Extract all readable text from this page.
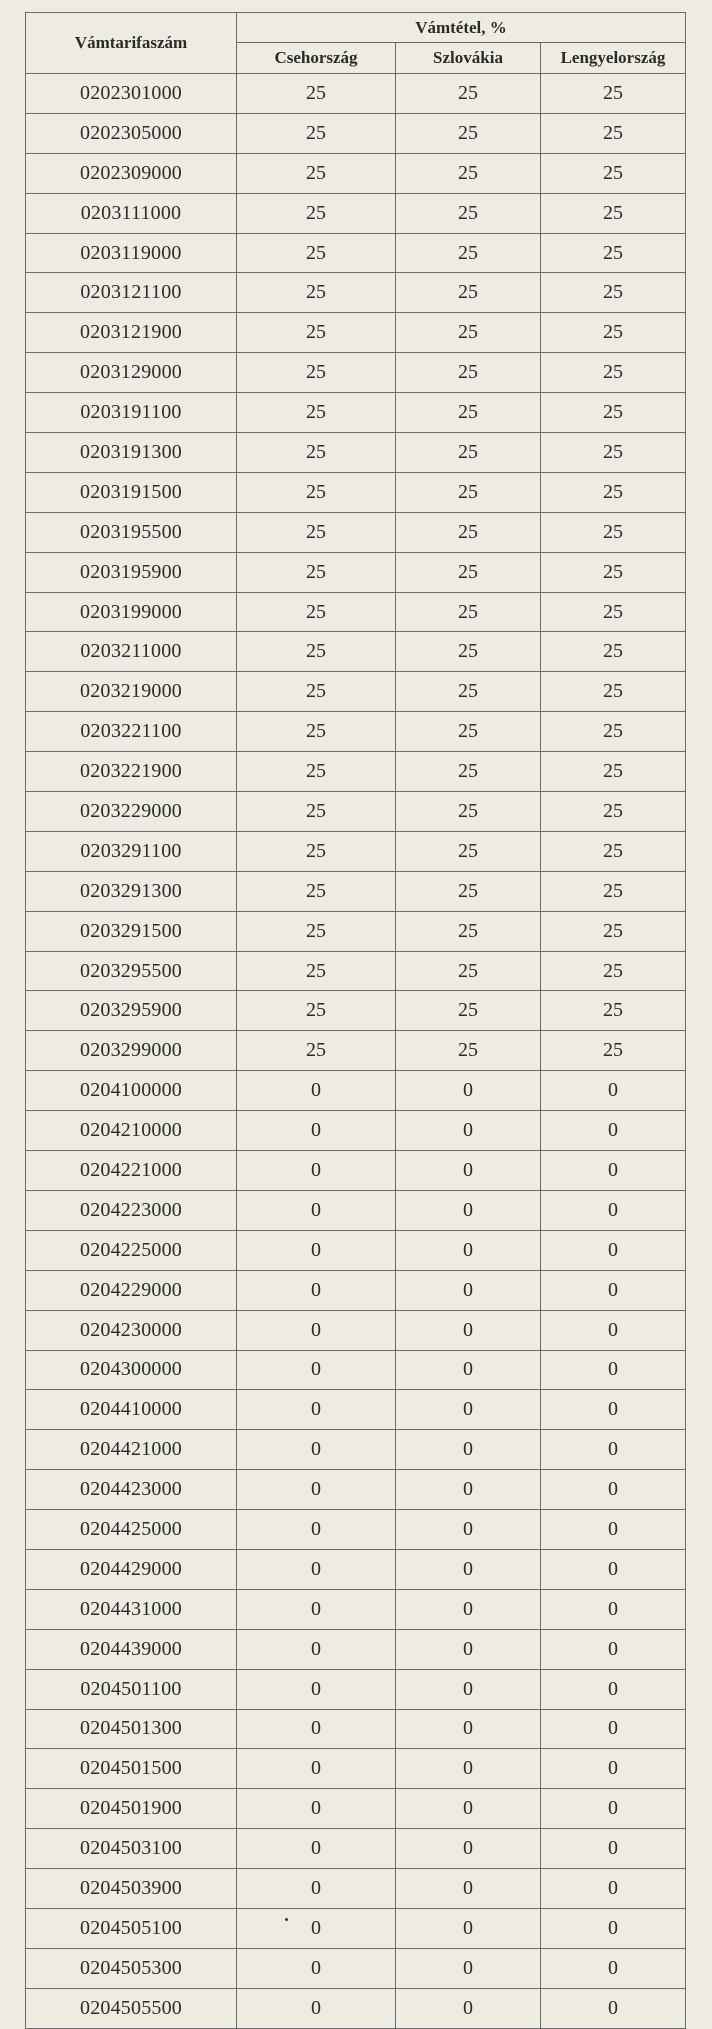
Vámtarifaszám	Vámtétel, %		
	Csehország	Szlovákia	Lengyelország
0202301000	25	25	25
0202305000	25	25	25
0202309000	25	25	25
0203111000	25	25	25
0203119000	25	25	25
0203121100	25	25	25
0203121900	25	25	25
0203129000	25	25	25
0203191100	25	25	25
0203191300	25	25	25
0203191500	25	25	25
0203195500	25	25	25
0203195900	25	25	25
0203199000	25	25	25
0203211000	25	25	25
0203219000	25	25	25
0203221100	25	25	25
0203221900	25	25	25
0203229000	25	25	25
0203291100	25	25	25
0203291300	25	25	25
0203291500	25	25	25
0203295500	25	25	25
0203295900	25	25	25
0203299000	25	25	25
0204100000	0	0	0
0204210000	0	0	0
0204221000	0	0	0
0204223000	0	0	0
0204225000	0	0	0
0204229000	0	0	0
0204230000	0	0	0
0204300000	0	0	0
0204410000	0	0	0
0204421000	0	0	0
0204423000	0	0	0
0204425000	0	0	0
0204429000	0	0	0
0204431000	0	0	0
0204439000	0	0	0
0204501100	0	0	0
0204501300	0	0	0
0204501500	0	0	0
0204501900	0	0	0
0204503100	0	0	0
0204503900	0	0	0
0204505100	0	0	0
0204505300	0	0	0
0204505500	0	0	0
